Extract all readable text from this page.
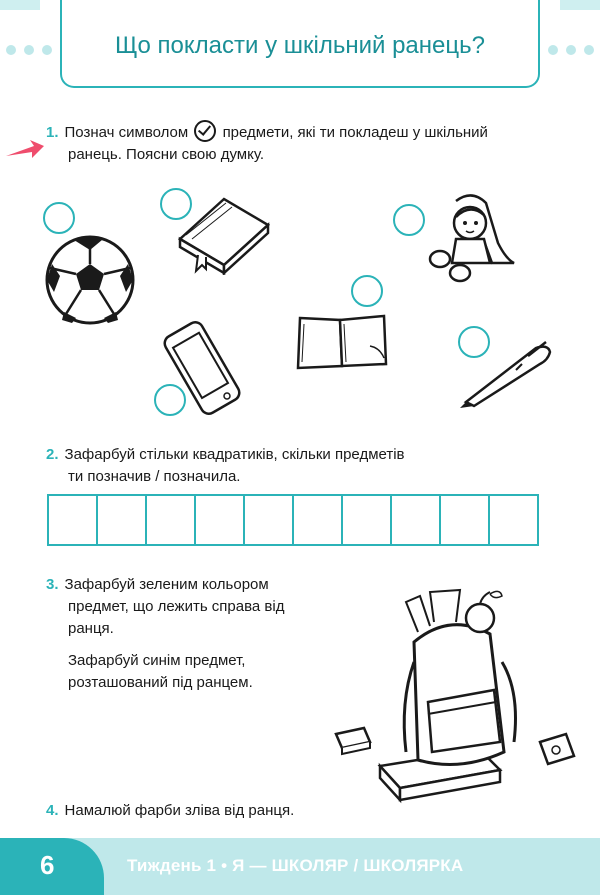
Що покласти у шкільний ранець?
1. Познач символом предмети, які ти покладеш у шкільний
ранець. Поясни свою думку.
2. Зафарбуй стільки квадратиків, скільки предметів
ти позначив / позначила.
3. Зафарбуй зеленим кольором
предмет, що лежить справа від
ранця.
Зафарбуй синім предмет,
розташований під ранцем.
4. Намалюй фарби зліва від ранця.
6	Тиждень 1 • Я — ШКОЛЯР / ШКОЛЯРКА
